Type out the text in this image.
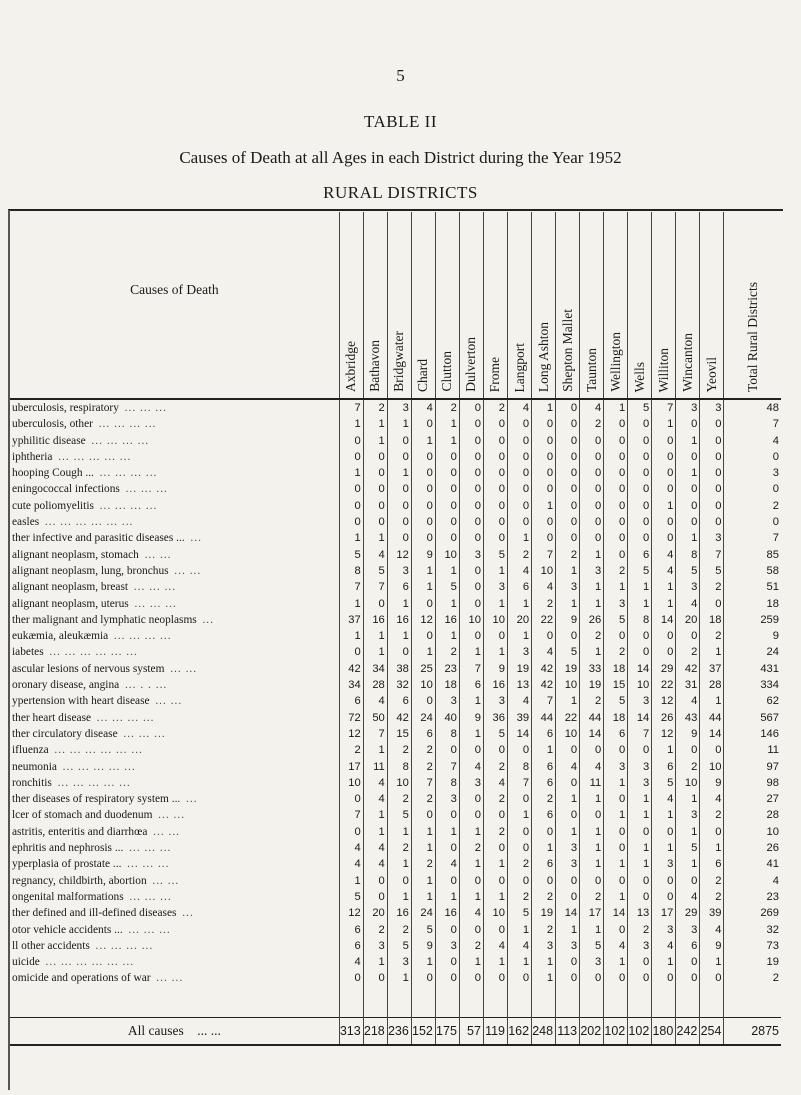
5
TABLE II
Causes of Death at all Ages in each District during the Year 1952
RURAL DISTRICTS
Causes of Death	Axbridge	Bathavon	Bridgwater	Chard	Clutton	Dulverton	Frome	Langport	Long Ashton	Shepton Mallet	Taunton	Wellington	Wells	Williton	Wincanton	Yeovil	Total Rural Districts

uberculosis, respiratory ... ... ...	7	2	3	4	2	0	2	4	1	0	4	1	5	7	3	3	48
uberculosis, other ... ... ... ...	1	1	1	0	1	0	0	0	0	0	2	0	0	1	0	0	7
yphilitic disease ... ... ... ...	0	1	0	1	1	0	0	0	0	0	0	0	0	0	1	0	4
iphtheria ... ... ... ... ...	0	0	0	0	0	0	0	0	0	0	0	0	0	0	0	0	0
hooping Cough ... ... ... ... ...	1	0	1	0	0	0	0	0	0	0	0	0	0	0	1	0	3
eningococcal infections ... ... ...	0	0	0	0	0	0	0	0	0	0	0	0	0	0	0	0	0
cute poliomyelitis ... ... ... ...	0	0	0	0	0	0	0	0	1	0	0	0	0	1	0	0	2
easles ... ... ... ... ... ...	0	0	0	0	0	0	0	0	0	0	0	0	0	0	0	0	0
ther infective and parasitic diseases ... ...	1	1	0	0	0	0	0	1	0	0	0	0	0	0	1	3	7
alignant neoplasm, stomach ... ...	5	4	12	9	10	3	5	2	7	2	1	0	6	4	8	7	85
alignant neoplasm, lung, bronchus ... ...	8	5	3	1	1	0	1	4	10	1	3	2	5	4	5	5	58
alignant neoplasm, breast ... ... ...	7	7	6	1	5	0	3	6	4	3	1	1	1	1	3	2	51
alignant neoplasm, uterus ... ... ...	1	0	1	0	1	0	1	1	2	1	1	3	1	1	4	0	18
ther malignant and lymphatic neoplasms ...	37	16	16	12	16	10	10	20	22	9	26	5	8	14	20	18	259
eukæmia, aleukæmia ... ... ... ...	1	1	1	0	1	0	0	1	0	0	2	0	0	0	0	2	9
iabetes ... ... ... ... ... ...	0	1	0	1	2	1	1	3	4	5	1	2	0	0	2	1	24
ascular lesions of nervous system ... ...	42	34	38	25	23	7	9	19	42	19	33	18	14	29	42	37	431
oronary disease, angina ... . . ...	34	28	32	10	18	6	16	13	42	10	19	15	10	22	31	28	334
ypertension with heart disease ... ...	6	4	6	0	3	1	3	4	7	1	2	5	3	12	4	1	62
ther heart disease ... ... ... ...	72	50	42	24	40	9	36	39	44	22	44	18	14	26	43	44	567
ther circulatory disease ... ... ...	12	7	15	6	8	1	5	14	6	10	14	6	7	12	9	14	146
ifluenza ... ... ... ... ... ...	2	1	2	2	0	0	0	0	1	0	0	0	0	1	0	0	11
neumonia ... ... ... ... ...	17	11	8	2	7	4	2	8	6	4	4	3	3	6	2	10	97
ronchitis ... ... ... ... ...	10	4	10	7	8	3	4	7	6	0	11	1	3	5	10	9	98
ther diseases of respiratory system ... ...	0	4	2	2	3	0	2	0	2	1	1	0	1	4	1	4	27
lcer of stomach and duodenum ... ...	7	1	5	0	0	0	0	1	6	0	0	1	1	1	3	2	28
astritis, enteritis and diarrhœa ... ...	0	1	1	1	1	1	2	0	0	1	1	0	0	0	1	0	10
ephritis and nephrosis ... ... ... ...	4	4	2	1	0	2	0	0	1	3	1	0	1	1	5	1	26
yperplasia of prostate ... ... ... ...	4	4	1	2	4	1	1	2	6	3	1	1	1	3	1	6	41
regnancy, childbirth, abortion ... ...	1	0	0	1	0	0	0	0	0	0	0	0	0	0	0	2	4
ongenital malformations ... ... ...	5	0	1	1	1	1	1	2	2	0	2	1	0	0	4	2	23
ther defined and ill-defined diseases ...	12	20	16	24	16	4	10	5	19	14	17	14	13	17	29	39	269
otor vehicle accidents ... ... ... ...	6	2	2	5	0	0	0	1	2	1	1	0	2	3	3	4	32
ll other accidents ... ... ... ...	6	3	5	9	3	2	4	4	3	3	5	4	3	4	6	9	73
uicide ... ... ... ... ... ...	4	1	3	1	0	1	1	1	1	0	3	1	0	1	0	1	19
omicide and operations of war ... ...	0	0	1	0	0	0	0	0	1	0	0	0	0	0	0	0	2

All causes ... ...	313	218	236	152	175	57	119	162	248	113	202	102	102	180	242	254	2875
